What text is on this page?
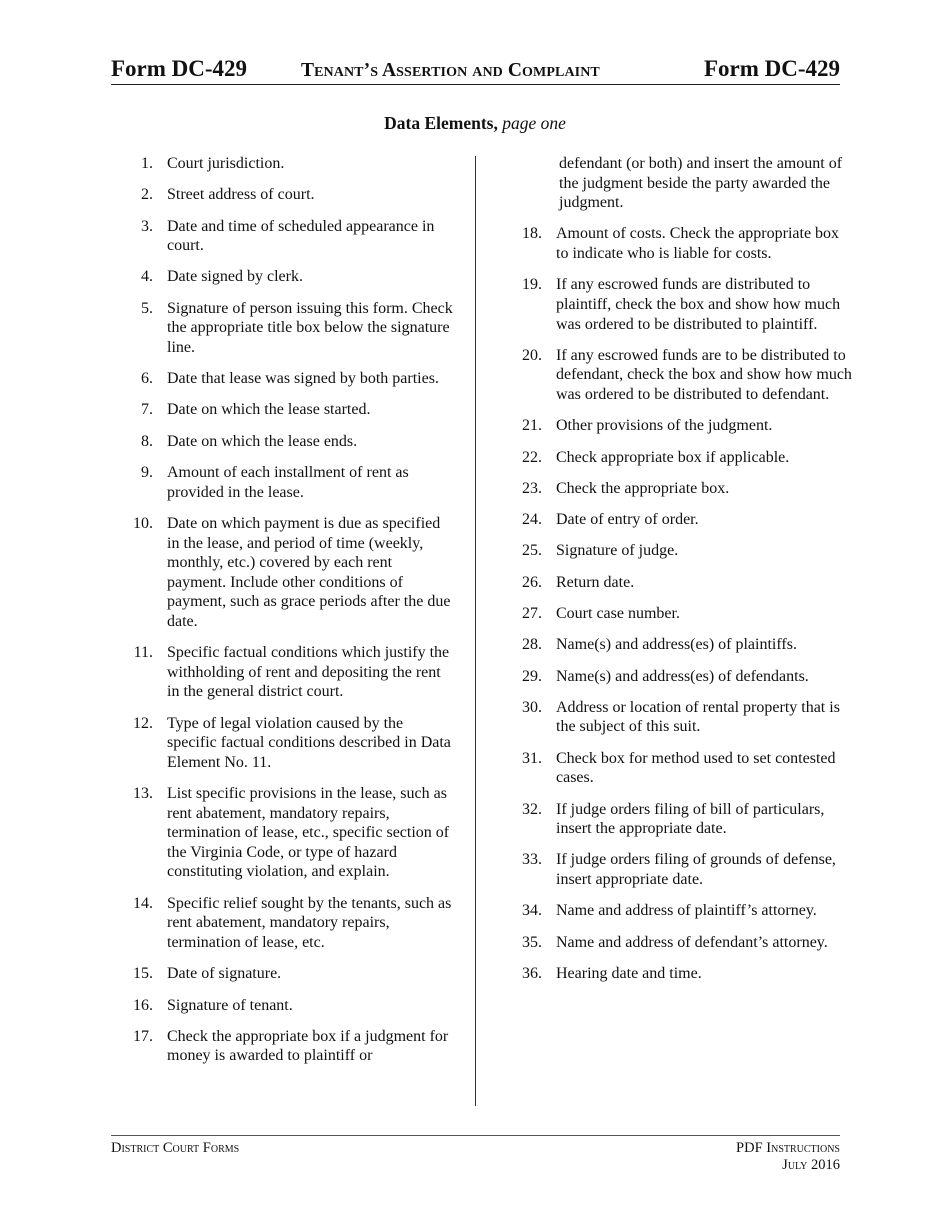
Form DC-429	Tenant’s Assertion and Complaint	Form DC-429
Data Elements, page one
1. Court jurisdiction.
2. Street address of court.
3. Date and time of scheduled appearance in court.
4. Date signed by clerk.
5. Signature of person issuing this form. Check the appropriate title box below the signature line.
6. Date that lease was signed by both parties.
7. Date on which the lease started.
8. Date on which the lease ends.
9. Amount of each installment of rent as provided in the lease.
10. Date on which payment is due as specified in the lease, and period of time (weekly, monthly, etc.) covered by each rent payment. Include other conditions of payment, such as grace periods after the due date.
11. Specific factual conditions which justify the withholding of rent and depositing the rent in the general district court.
12. Type of legal violation caused by the specific factual conditions described in Data Element No. 11.
13. List specific provisions in the lease, such as rent abatement, mandatory repairs, termination of lease, etc., specific section of the Virginia Code, or type of hazard constituting violation, and explain.
14. Specific relief sought by the tenants, such as rent abatement, mandatory repairs, termination of lease, etc.
15. Date of signature.
16. Signature of tenant.
17. Check the appropriate box if a judgment for money is awarded to plaintiff or
defendant (or both) and insert the amount of the judgment beside the party awarded the judgment.
18. Amount of costs. Check the appropriate box to indicate who is liable for costs.
19. If any escrowed funds are distributed to plaintiff, check the box and show how much was ordered to be distributed to plaintiff.
20. If any escrowed funds are to be distributed to defendant, check the box and show how much was ordered to be distributed to defendant.
21. Other provisions of the judgment.
22. Check appropriate box if applicable.
23. Check the appropriate box.
24. Date of entry of order.
25. Signature of judge.
26. Return date.
27. Court case number.
28. Name(s) and address(es) of plaintiffs.
29. Name(s) and address(es) of defendants.
30. Address or location of rental property that is the subject of this suit.
31. Check box for method used to set contested cases.
32. If judge orders filing of bill of particulars, insert the appropriate date.
33. If judge orders filing of grounds of defense, insert appropriate date.
34. Name and address of plaintiff’s attorney.
35. Name and address of defendant’s attorney.
36. Hearing date and time.
District Court Forms	PDF Instructions
July 2016
